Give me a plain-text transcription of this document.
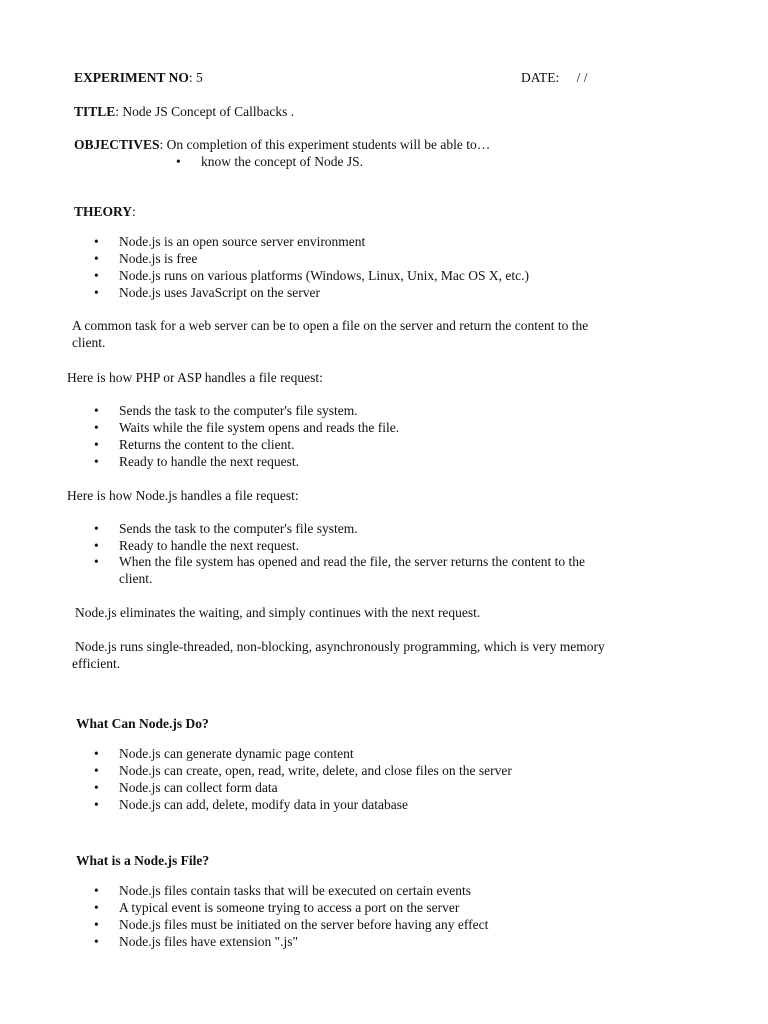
EXPERIMENT NO: 5	DATE: / /
TITLE: Node JS Concept of Callbacks .
OBJECTIVES: On completion of this experiment students will be able to…
• know the concept of Node JS.
THEORY:
• Node.js is an open source server environment
• Node.js is free
• Node.js runs on various platforms (Windows, Linux, Unix, Mac OS X, etc.)
• Node.js uses JavaScript on the server
A common task for a web server can be to open a file on the server and return the content to the
client.
Here is how PHP or ASP handles a file request:
• Sends the task to the computer's file system.
• Waits while the file system opens and reads the file.
• Returns the content to the client.
• Ready to handle the next request.
Here is how Node.js handles a file request:
• Sends the task to the computer's file system.
• Ready to handle the next request.
• When the file system has opened and read the file, the server returns the content to the
client.
Node.js eliminates the waiting, and simply continues with the next request.
Node.js runs single-threaded, non-blocking, asynchronously programming, which is very memory
efficient.
What Can Node.js Do?
• Node.js can generate dynamic page content
• Node.js can create, open, read, write, delete, and close files on the server
• Node.js can collect form data
• Node.js can add, delete, modify data in your database
What is a Node.js File?
• Node.js files contain tasks that will be executed on certain events
• A typical event is someone trying to access a port on the server
• Node.js files must be initiated on the server before having any effect
• Node.js files have extension ".js"
